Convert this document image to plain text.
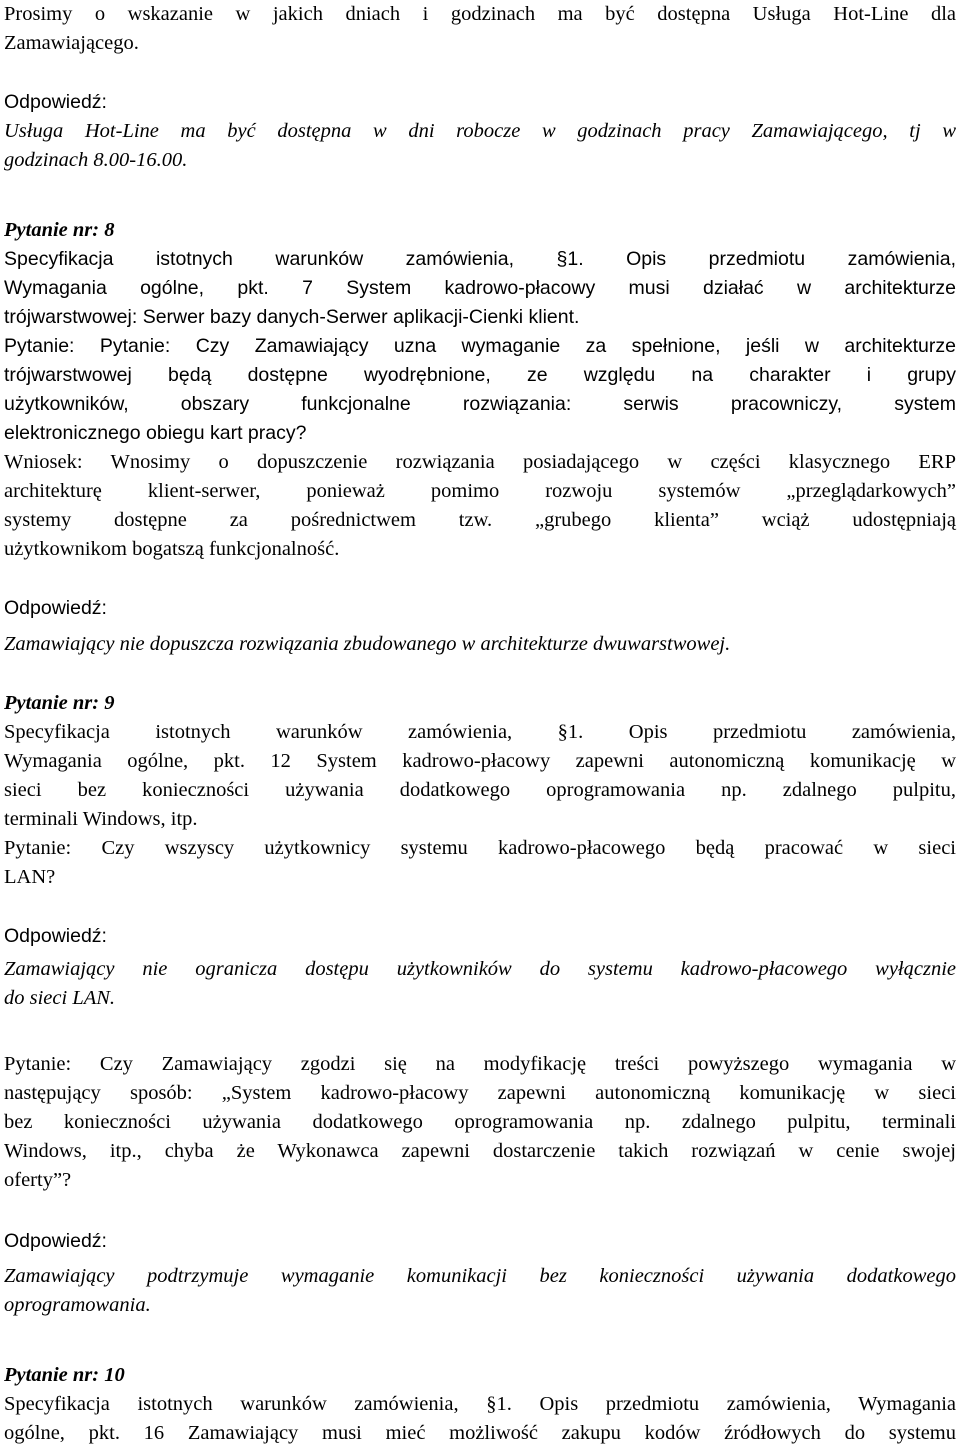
Prosimy o wskazanie w jakich dniach i godzinach ma być dostępna Usługa Hot-Line dla
Zamawiającego.
Odpowiedź:
Usługa Hot-Line ma być dostępna w dni robocze w godzinach pracy Zamawiającego, tj w
godzinach 8.00-16.00.
Pytanie nr: 8
Specyfikacja istotnych warunków zamówienia, §1. Opis przedmiotu zamówienia,
Wymagania ogólne, pkt. 7 System kadrowo-płacowy musi działać w architekturze
trójwarstwowej: Serwer bazy danych-Serwer aplikacji-Cienki klient.
Pytanie: Pytanie: Czy Zamawiający uzna wymaganie za spełnione, jeśli w architekturze
trójwarstwowej będą dostępne wyodrębnione, ze względu na charakter i grupy
użytkowników, obszary funkcjonalne rozwiązania: serwis pracowniczy, system
elektronicznego obiegu kart pracy?
Wniosek: Wnosimy o dopuszczenie rozwiązania posiadającego w części klasycznego ERP
architekturę klient-serwer, ponieważ pomimo rozwoju systemów „przeglądarkowych”
systemy dostępne za pośrednictwem tzw. „grubego klienta” wciąż udostępniają
użytkownikom bogatszą funkcjonalność.
Odpowiedź:
Zamawiający nie dopuszcza rozwiązania zbudowanego w architekturze dwuwarstwowej.
Pytanie nr: 9
Specyfikacja istotnych warunków zamówienia, §1. Opis przedmiotu zamówienia,
Wymagania ogólne, pkt. 12 System kadrowo-płacowy zapewni autonomiczną komunikację w
sieci bez konieczności używania dodatkowego oprogramowania np. zdalnego pulpitu,
terminali Windows, itp.
Pytanie: Czy wszyscy użytkownicy systemu kadrowo-płacowego będą pracować w sieci
LAN?
Odpowiedź:
Zamawiający nie ogranicza dostępu użytkowników do systemu kadrowo-płacowego wyłącznie
do sieci LAN.
Pytanie: Czy Zamawiający zgodzi się na modyfikację treści powyższego wymagania w
następujący sposób: „System kadrowo-płacowy zapewni autonomiczną komunikację w sieci
bez konieczności używania dodatkowego oprogramowania np. zdalnego pulpitu, terminali
Windows, itp., chyba że Wykonawca zapewni dostarczenie takich rozwiązań w cenie swojej
oferty”?
Odpowiedź:
Zamawiający podtrzymuje wymaganie komunikacji bez konieczności używania dodatkowego
oprogramowania.
Pytanie nr: 10
Specyfikacja istotnych warunków zamówienia, §1. Opis przedmiotu zamówienia, Wymagania
ogólne, pkt. 16 Zamawiający musi mieć możliwość zakupu kodów źródłowych do systemu
